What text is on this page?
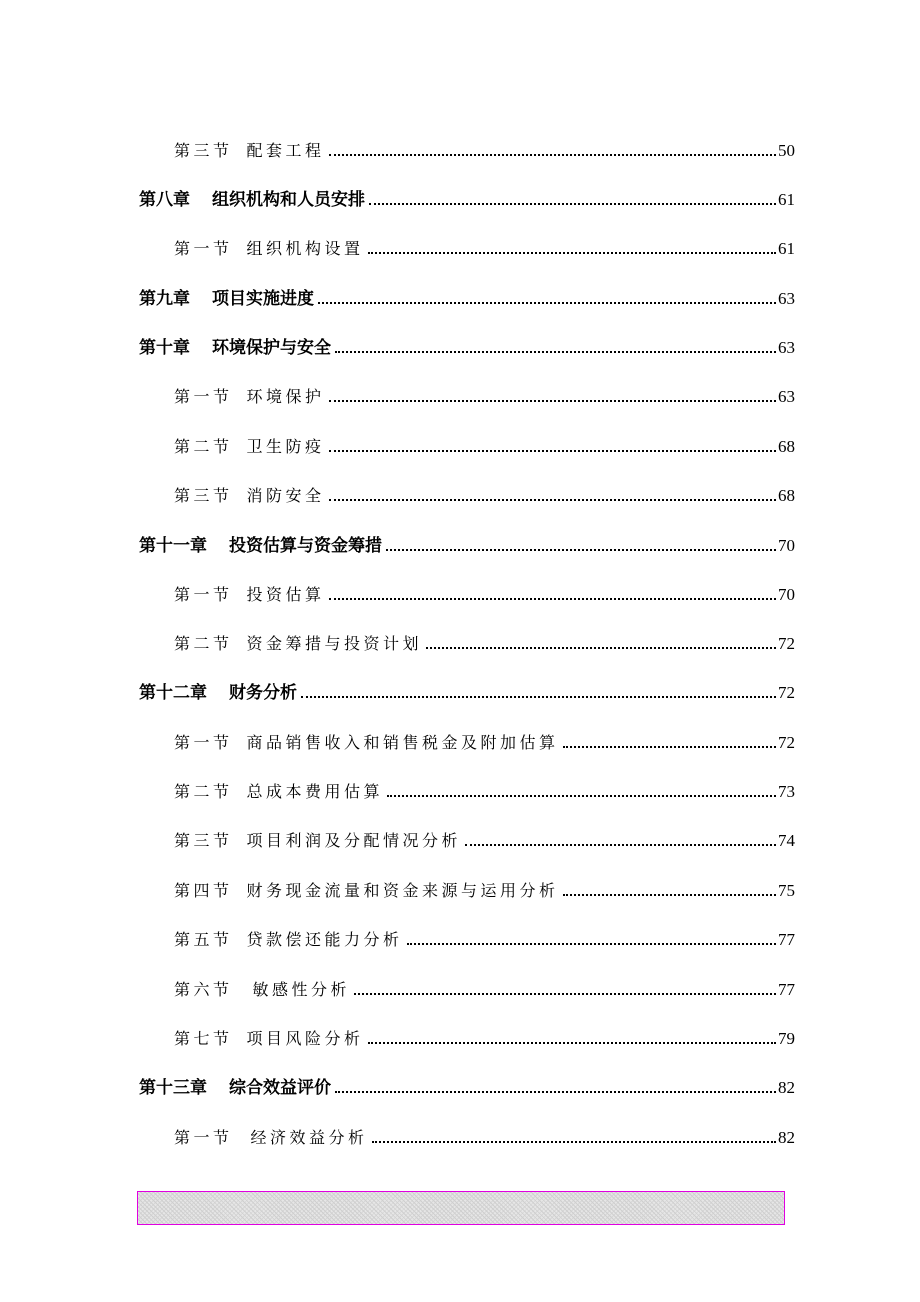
第三节 配套工程	50
第八章 组织机构和人员安排	61
第一节 组织机构设置	61
第九章 项目实施进度	63
第十章 环境保护与安全	63
第一节 环境保护	63
第二节 卫生防疫	68
第三节 消防安全	68
第十一章 投资估算与资金筹措	70
第一节 投资估算	70
第二节 资金筹措与投资计划	72
第十二章 财务分析	72
第一节 商品销售收入和销售税金及附加估算	72
第二节 总成本费用估算	73
第三节 项目利润及分配情况分析	74
第四节 财务现金流量和资金来源与运用分析	75
第五节 贷款偿还能力分析	77
第六节 敏感性分析	77
第七节 项目风险分析	79
第十三章 综合效益评价	82
第一节 经济效益分析	82
